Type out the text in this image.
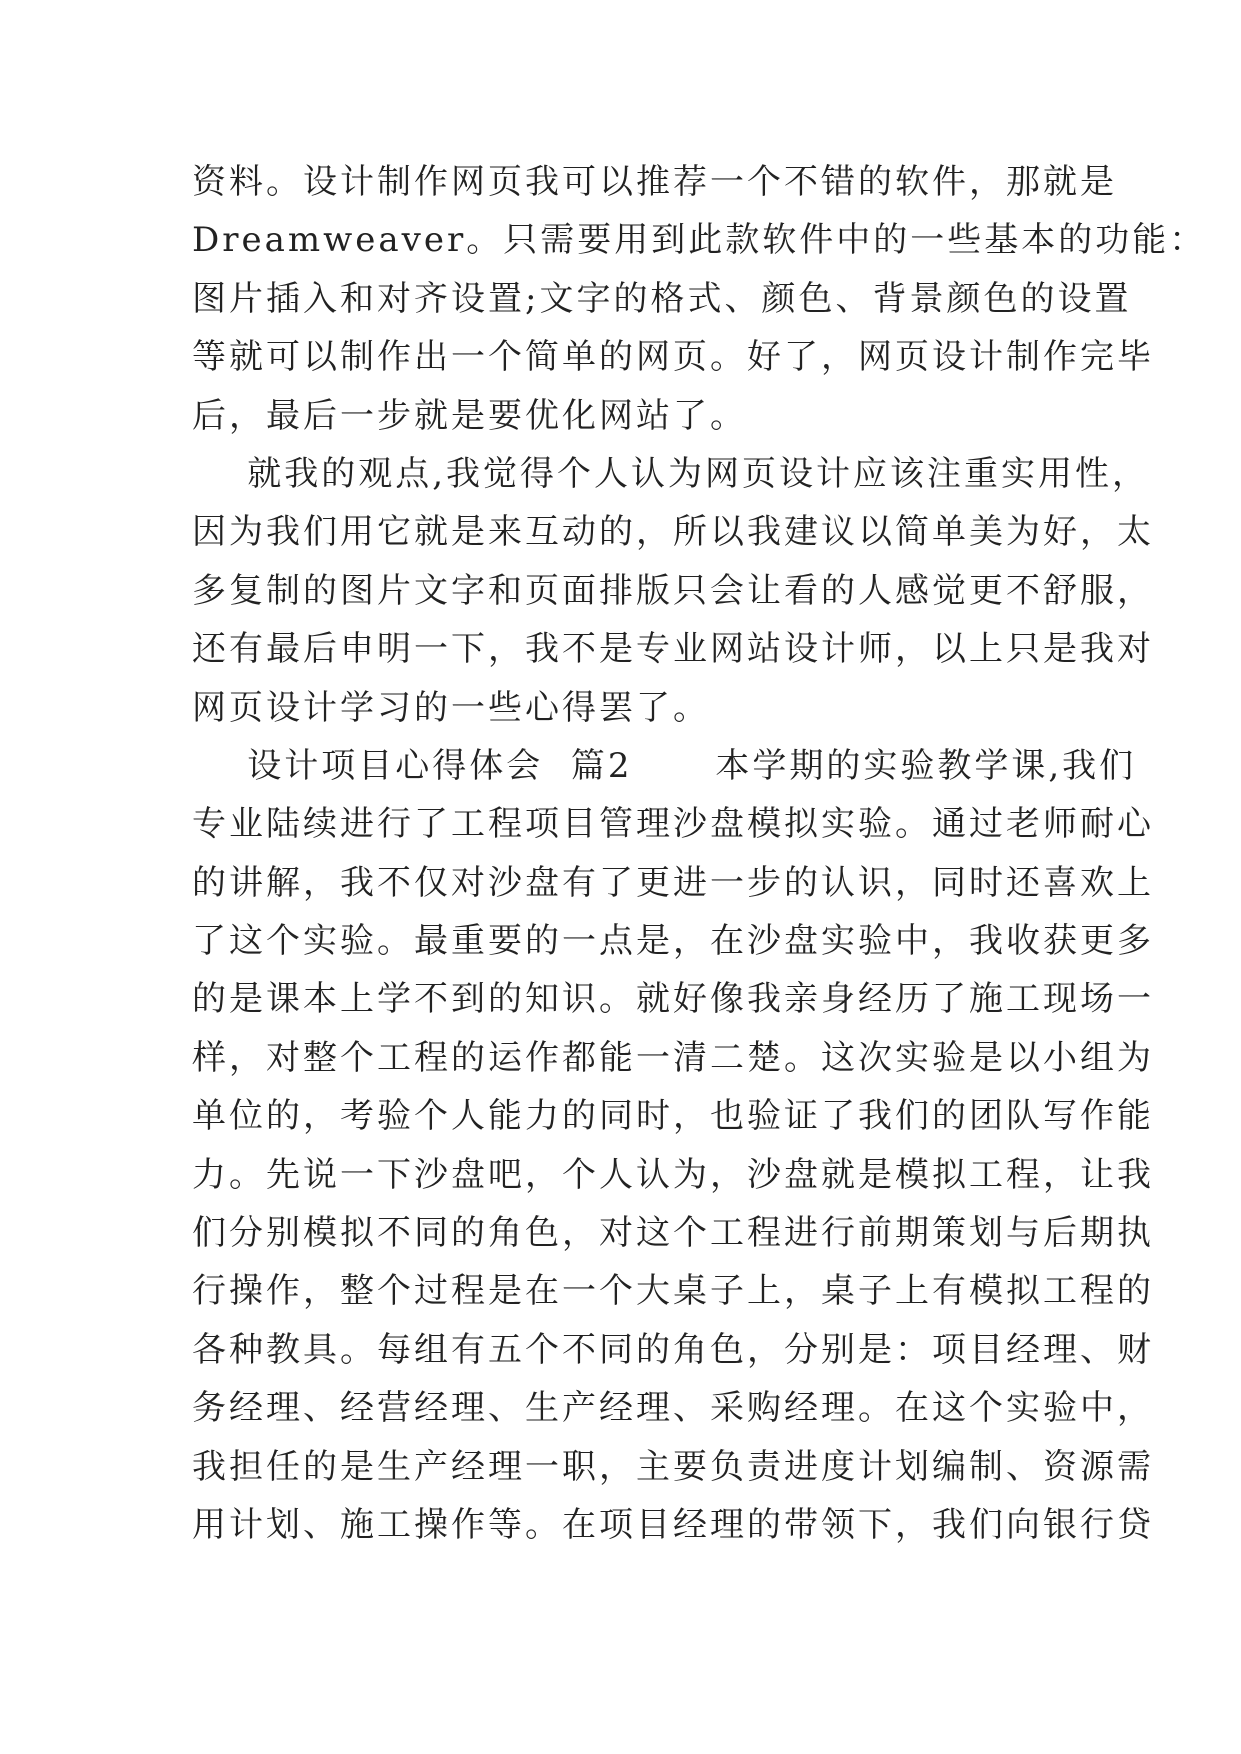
资料。设计制作网页我可以推荐一个不错的软件，那就是
Dreamweaver。只需要用到此款软件中的一些基本的功能：
图片插入和对齐设置;文字的格式、颜色、背景颜色的设置
等就可以制作出一个简单的网页。好了，网页设计制作完毕
后，最后一步就是要优化网站了。
就我的观点,我觉得个人认为网页设计应该注重实用性，
因为我们用它就是来互动的，所以我建议以简单美为好，太
多复制的图片文字和页面排版只会让看的人感觉更不舒服，
还有最后申明一下，我不是专业网站设计师，以上只是我对
网页设计学习的一些心得罢了。
设计项目心得体会  篇2      本学期的实验教学课,我们
专业陆续进行了工程项目管理沙盘模拟实验。通过老师耐心
的讲解，我不仅对沙盘有了更进一步的认识，同时还喜欢上
了这个实验。最重要的一点是，在沙盘实验中，我收获更多
的是课本上学不到的知识。就好像我亲身经历了施工现场一
样，对整个工程的运作都能一清二楚。这次实验是以小组为
单位的，考验个人能力的同时，也验证了我们的团队写作能
力。先说一下沙盘吧，个人认为，沙盘就是模拟工程，让我
们分别模拟不同的角色，对这个工程进行前期策划与后期执
行操作，整个过程是在一个大桌子上，桌子上有模拟工程的
各种教具。每组有五个不同的角色，分别是：项目经理、财
务经理、经营经理、生产经理、采购经理。在这个实验中，
我担任的是生产经理一职，主要负责进度计划编制、资源需
用计划、施工操作等。在项目经理的带领下，我们向银行贷
